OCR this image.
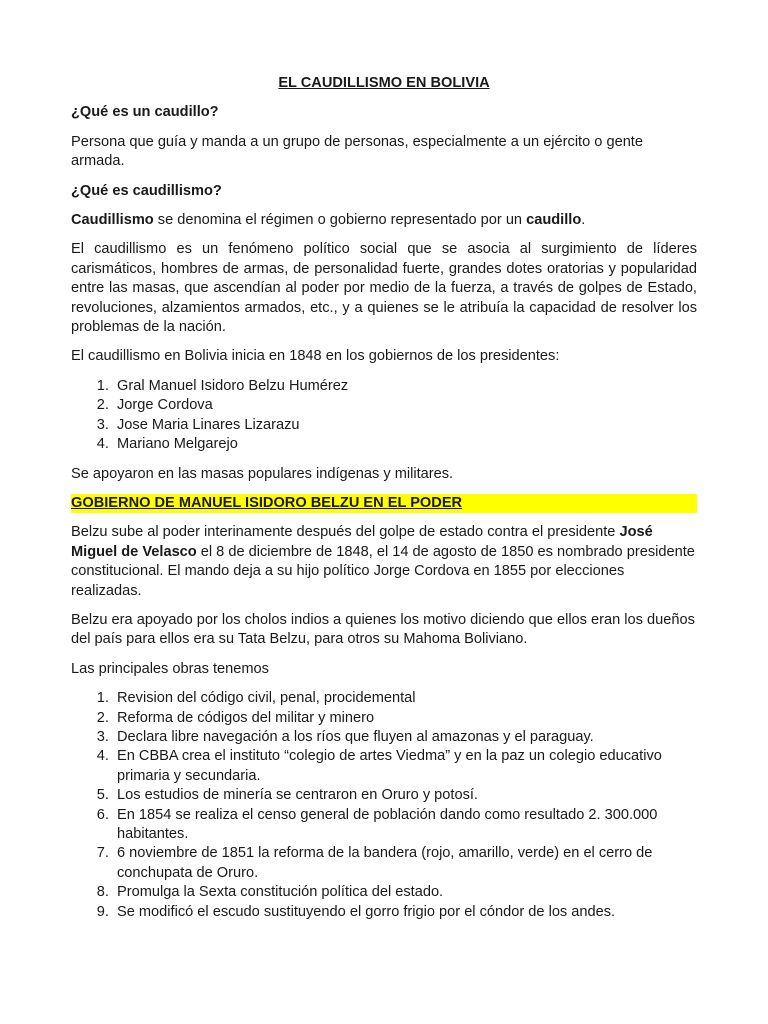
EL CAUDILLISMO EN BOLIVIA
¿Qué es un caudillo?

Persona que guía y manda a un grupo de personas, especialmente a un ejército o gente armada.

¿Qué es caudillismo?

Caudillismo se denomina el régimen o gobierno representado por un caudillo.

El caudillismo es un fenómeno político social que se asocia al surgimiento de líderes carismáticos, hombres de armas, de personalidad fuerte, grandes dotes oratorias y popularidad entre las masas, que ascendían al poder por medio de la fuerza, a través de golpes de Estado, revoluciones, alzamientos armados, etc., y a quienes se le atribuía la capacidad de resolver los problemas de la nación.

El caudillismo en Bolivia inicia en 1848 en los gobiernos de los presidentes:

1. Gral Manuel Isidoro Belzu Humérez
2. Jorge Cordova
3. Jose Maria Linares Lizarazu
4. Mariano Melgarejo

Se apoyaron en las masas populares indígenas y militares.

GOBIERNO DE MANUEL ISIDORO BELZU EN EL PODER

Belzu sube al poder interinamente después del golpe de estado contra el presidente José Miguel de Velasco el 8 de diciembre de 1848, el 14 de agosto de 1850 es nombrado presidente constitucional. El mando deja a su hijo político Jorge Cordova en 1855 por elecciones realizadas.

Belzu era apoyado por los cholos indios a quienes los motivo diciendo que ellos eran los dueños del país para ellos era su Tata Belzu, para otros su Mahoma Boliviano.

Las principales obras tenemos

1. Revision del código civil, penal, procidemental
2. Reforma de códigos del militar y minero
3. Declara libre navegación a los ríos que fluyen al amazonas y el paraguay.
4. En CBBA crea el instituto “colegio de artes Viedma” y en la paz un colegio educativo primaria y secundaria.
5. Los estudios de minería se centraron en Oruro y potosí.
6. En 1854 se realiza el censo general de población dando como resultado 2. 300.000 habitantes.
7. 6 noviembre de 1851 la reforma de la bandera (rojo, amarillo, verde) en el cerro de conchupata de Oruro.
8. Promulga la Sexta constitución política del estado.
9. Se modificó el escudo sustituyendo el gorro frigio por el cóndor de los andes.
